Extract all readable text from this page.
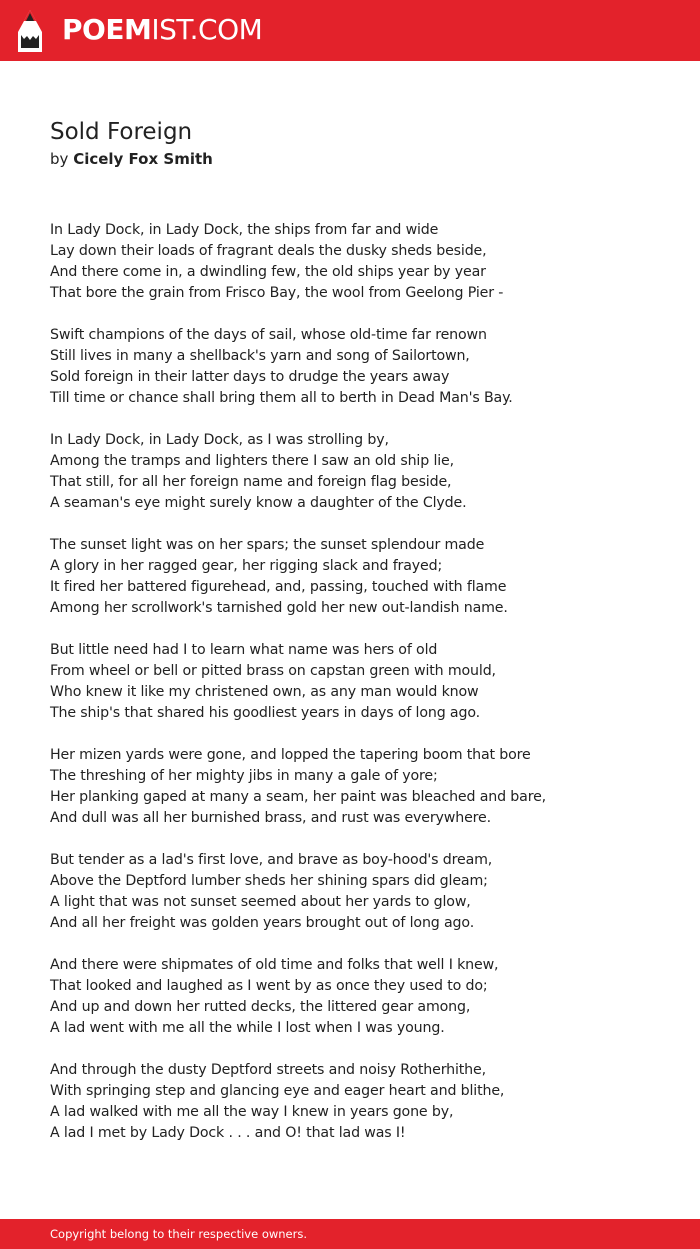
POEMIST.COM
Sold Foreign
by Cicely Fox Smith
In Lady Dock, in Lady Dock, the ships from far and wide
Lay down their loads of fragrant deals the dusky sheds beside,
And there come in, a dwindling few, the old ships year by year
That bore the grain from Frisco Bay, the wool from Geelong Pier -
Swift champions of the days of sail, whose old-time far renown
Still lives in many a shellback's yarn and song of Sailortown,
Sold foreign in their latter days to drudge the years away
Till time or chance shall bring them all to berth in Dead Man's Bay.
In Lady Dock, in Lady Dock, as I was strolling by,
Among the tramps and lighters there I saw an old ship lie,
That still, for all her foreign name and foreign flag beside,
A seaman's eye might surely know a daughter of the Clyde.
The sunset light was on her spars; the sunset splendour made
A glory in her ragged gear, her rigging slack and frayed;
It fired her battered figurehead, and, passing, touched with flame
Among her scrollwork's tarnished gold her new out-landish name.
But little need had I to learn what name was hers of old
From wheel or bell or pitted brass on capstan green with mould,
Who knew it like my christened own, as any man would know
The ship's that shared his goodliest years in days of long ago.
Her mizen yards were gone, and lopped the tapering boom that bore
The threshing of her mighty jibs in many a gale of yore;
Her planking gaped at many a seam, her paint was bleached and bare,
And dull was all her burnished brass, and rust was everywhere.
But tender as a lad's first love, and brave as boy-hood's dream,
Above the Deptford lumber sheds her shining spars did gleam;
A light that was not sunset seemed about her yards to glow,
And all her freight was golden years brought out of long ago.
And there were shipmates of old time and folks that well I knew,
That looked and laughed as I went by as once they used to do;
And up and down her rutted decks, the littered gear among,
A lad went with me all the while I lost when I was young.
And through the dusty Deptford streets and noisy Rotherhithe,
With springing step and glancing eye and eager heart and blithe,
A lad walked with me all the way I knew in years gone by,
A lad I met by Lady Dock . . . and O! that lad was I!
Copyright belong to their respective owners.
